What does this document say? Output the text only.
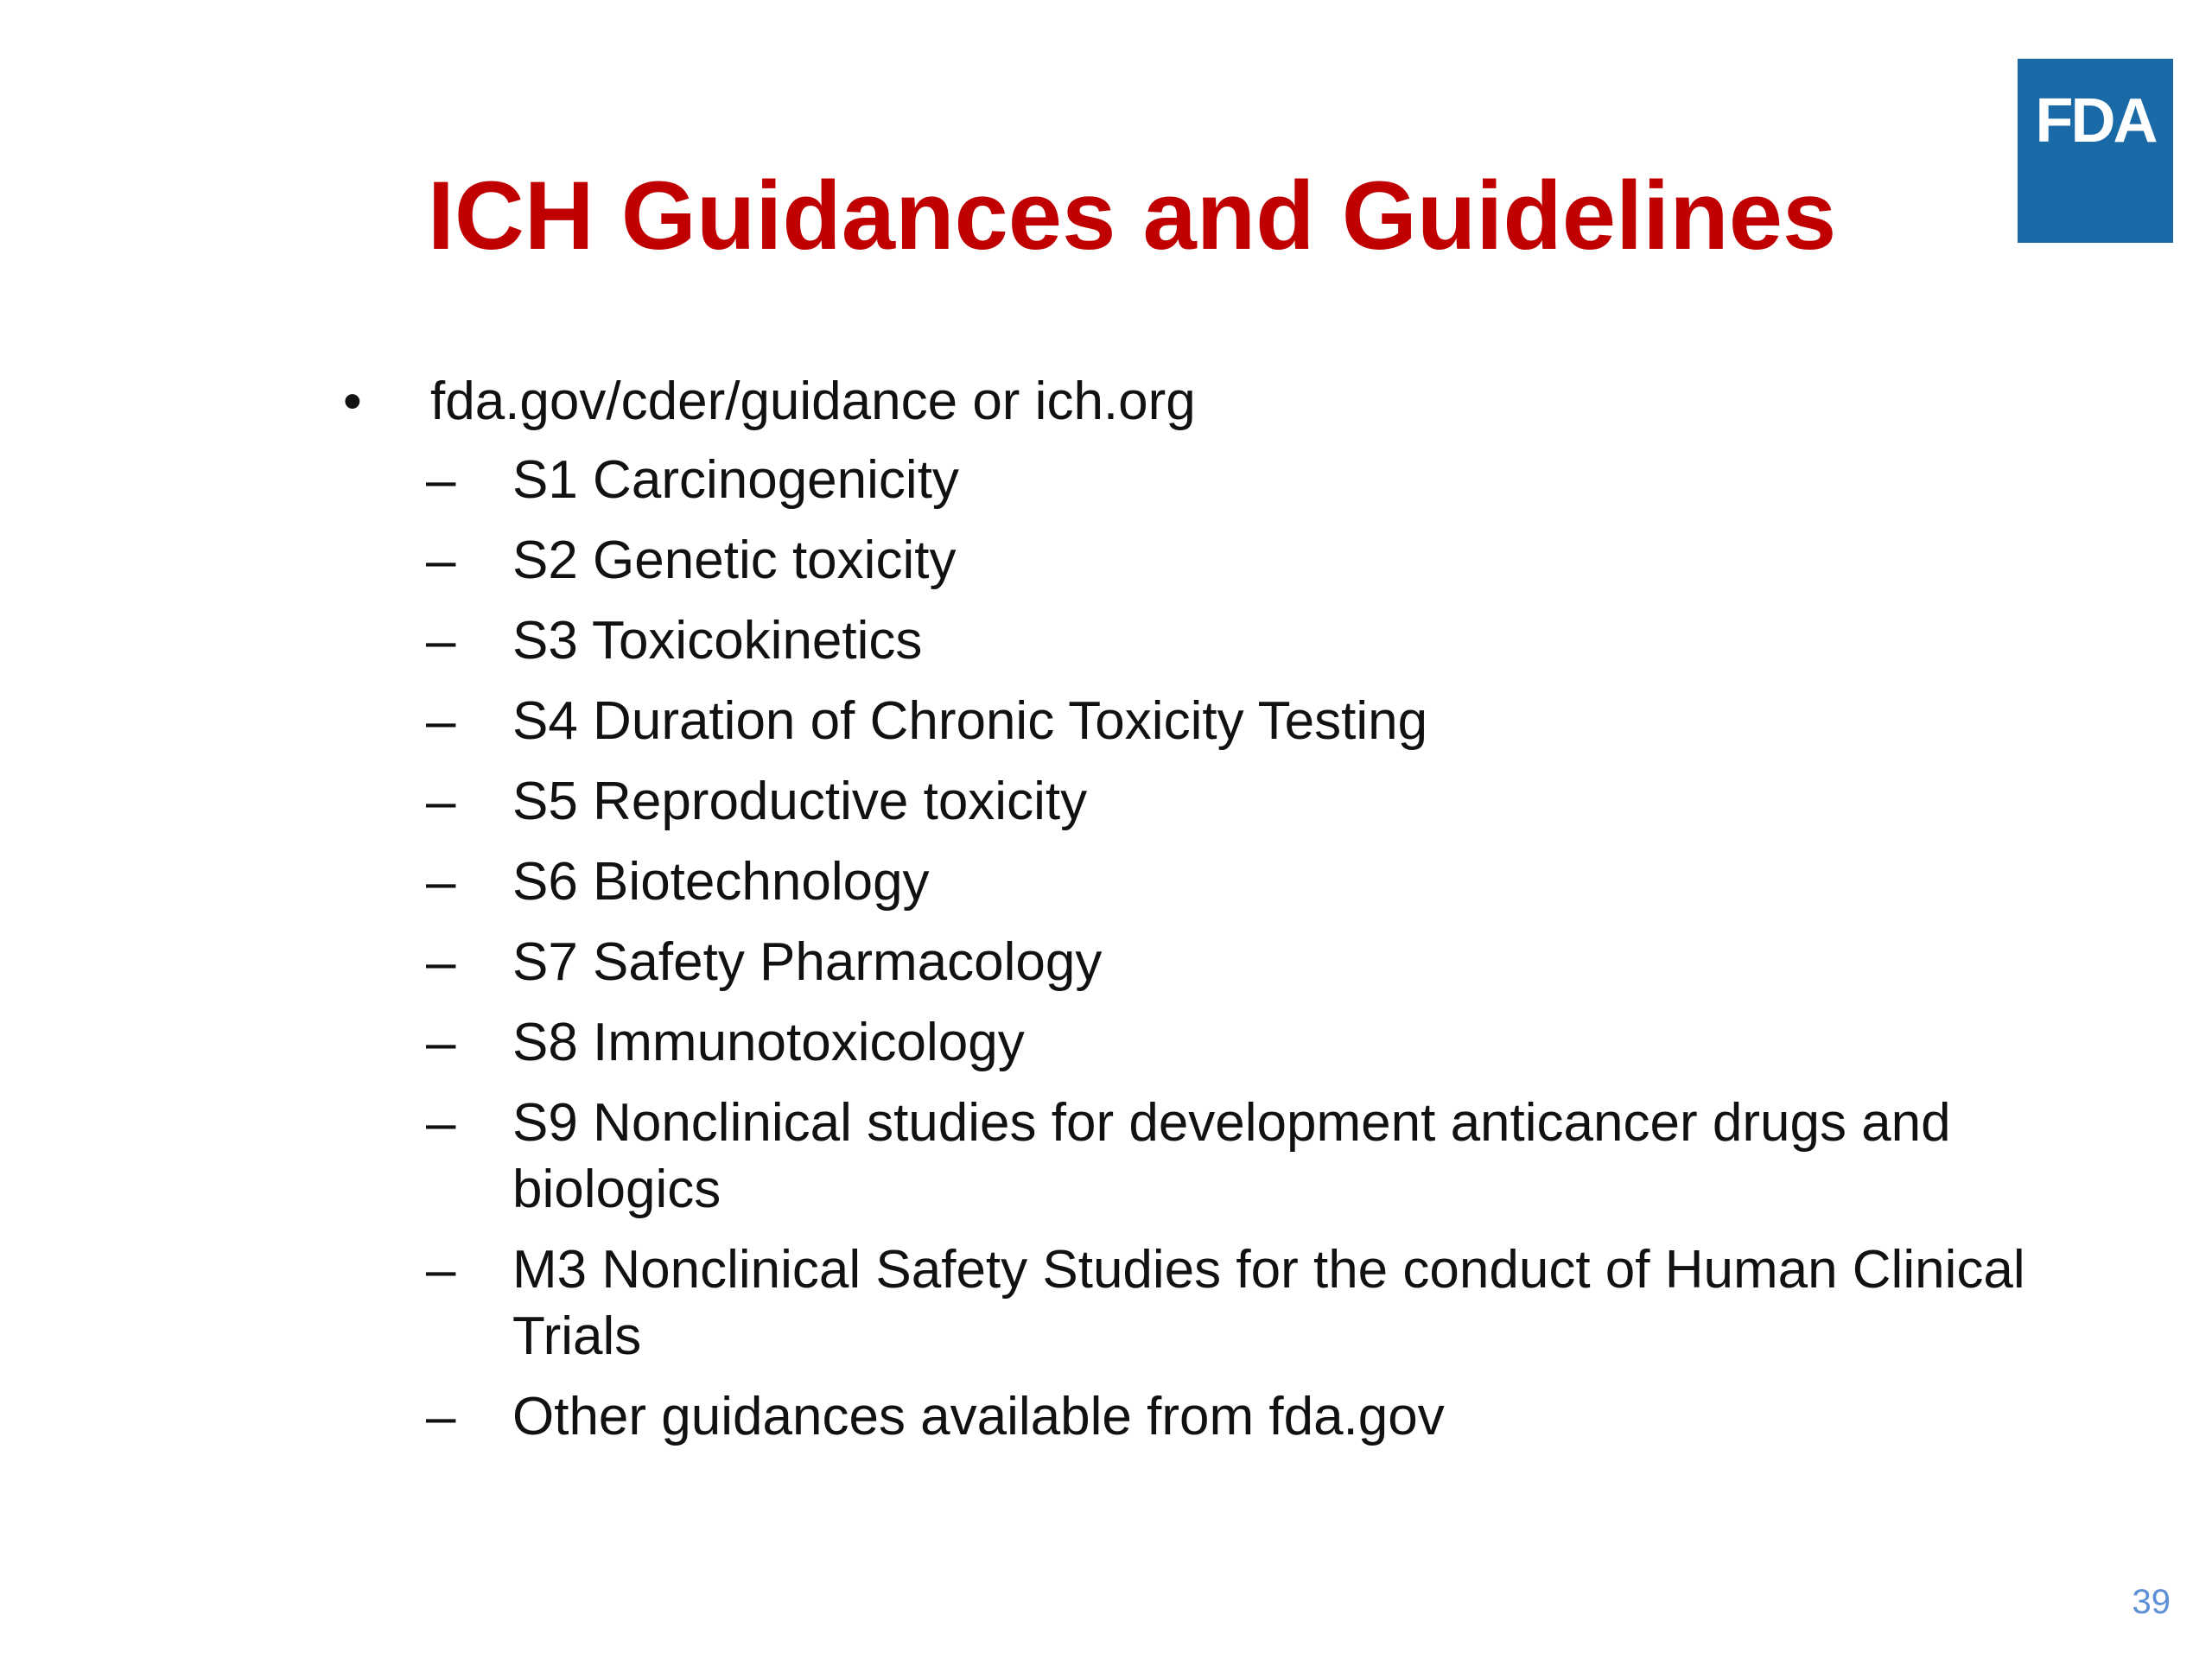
FDA
ICH Guidances and Guidelines
• fda.gov/cder/guidance or ich.org
– S1 Carcinogenicity
– S2 Genetic toxicity
– S3 Toxicokinetics
– S4 Duration of Chronic Toxicity Testing
– S5 Reproductive toxicity
– S6 Biotechnology
– S7 Safety Pharmacology
– S8 Immunotoxicology
– S9 Nonclinical studies for development anticancer drugs and biologics
– M3 Nonclinical Safety Studies for the conduct of Human Clinical Trials
– Other guidances available from fda.gov
39
